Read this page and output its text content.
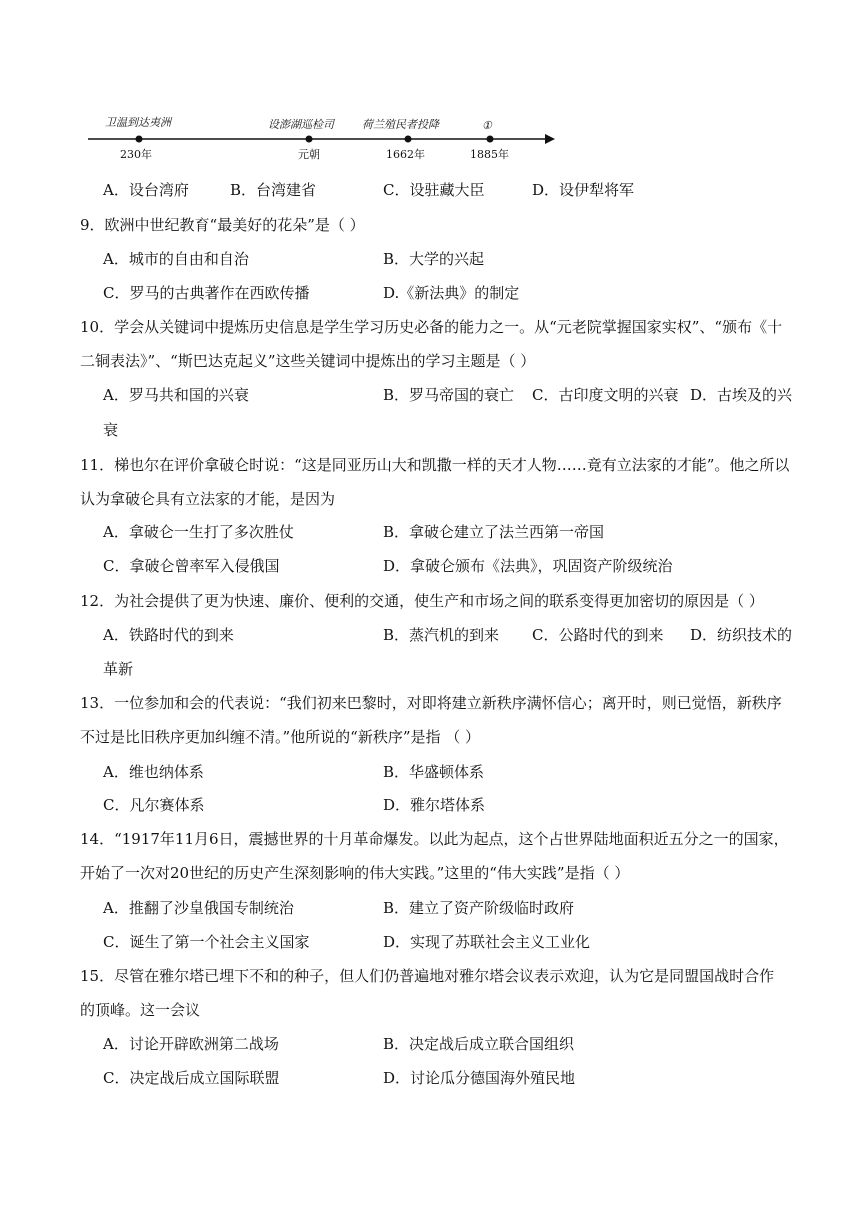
卫温到达夷洲	设澎湖巡检司	荷兰殖民者投降	①
230年	元朝	1662年	1885年
A．设台湾府	B．台湾建省	C．设驻藏大臣	D．设伊犁将军
9．欧洲中世纪教育“最美好的花朵”是（ ）
A．城市的自由和自治	B．大学的兴起
C．罗马的古典著作在西欧传播	D.《新法典》的制定
10．学会从关键词中提炼历史信息是学生学习历史必备的能力之一。从“元老院掌握国家实权”、“颁布《十
二铜表法》”、“斯巴达克起义”这些关键词中提炼出的学习主题是（ ）
A．罗马共和国的兴衰	B．罗马帝国的衰亡 C．古印度文明的兴衰 D．古埃及的兴
衰
11．梯也尔在评价拿破仑时说：“这是同亚历山大和凯撒一样的天才人物……竟有立法家的才能”。他之所以
认为拿破仑具有立法家的才能，是因为
A．拿破仑一生打了多次胜仗	B．拿破仑建立了法兰西第一帝国
C．拿破仑曾率军入侵俄国	D．拿破仑颁布《法典》，巩固资产阶级统治
12．为社会提供了更为快速、廉价、便利的交通，使生产和市场之间的联系变得更加密切的原因是（ ）
A．铁路时代的到来	B．蒸汽机的到来 C．公路时代的到来 D．纺织技术的
革新
13．一位参加和会的代表说：“我们初来巴黎时，对即将建立新秩序满怀信心；离开时，则已觉悟，新秩序
不过是比旧秩序更加纠缠不清。”他所说的“新秩序”是指 （ ）
A．维也纳体系	B．华盛顿体系
C．凡尔赛体系	D．雅尔塔体系
14．“1917年11月6日，震撼世界的十月革命爆发。以此为起点，这个占世界陆地面积近五分之一的国家，
开始了一次对20世纪的历史产生深刻影响的伟大实践。”这里的“伟大实践”是指（ ）
A．推翻了沙皇俄国专制统治	B．建立了资产阶级临时政府
C．诞生了第一个社会主义国家	D．实现了苏联社会主义工业化
15．尽管在雅尔塔已埋下不和的种子，但人们仍普遍地对雅尔塔会议表示欢迎，认为它是同盟国战时合作
的顶峰。这一会议
A．讨论开辟欧洲第二战场	B．决定战后成立联合国组织
C．决定战后成立国际联盟	D．讨论瓜分德国海外殖民地
